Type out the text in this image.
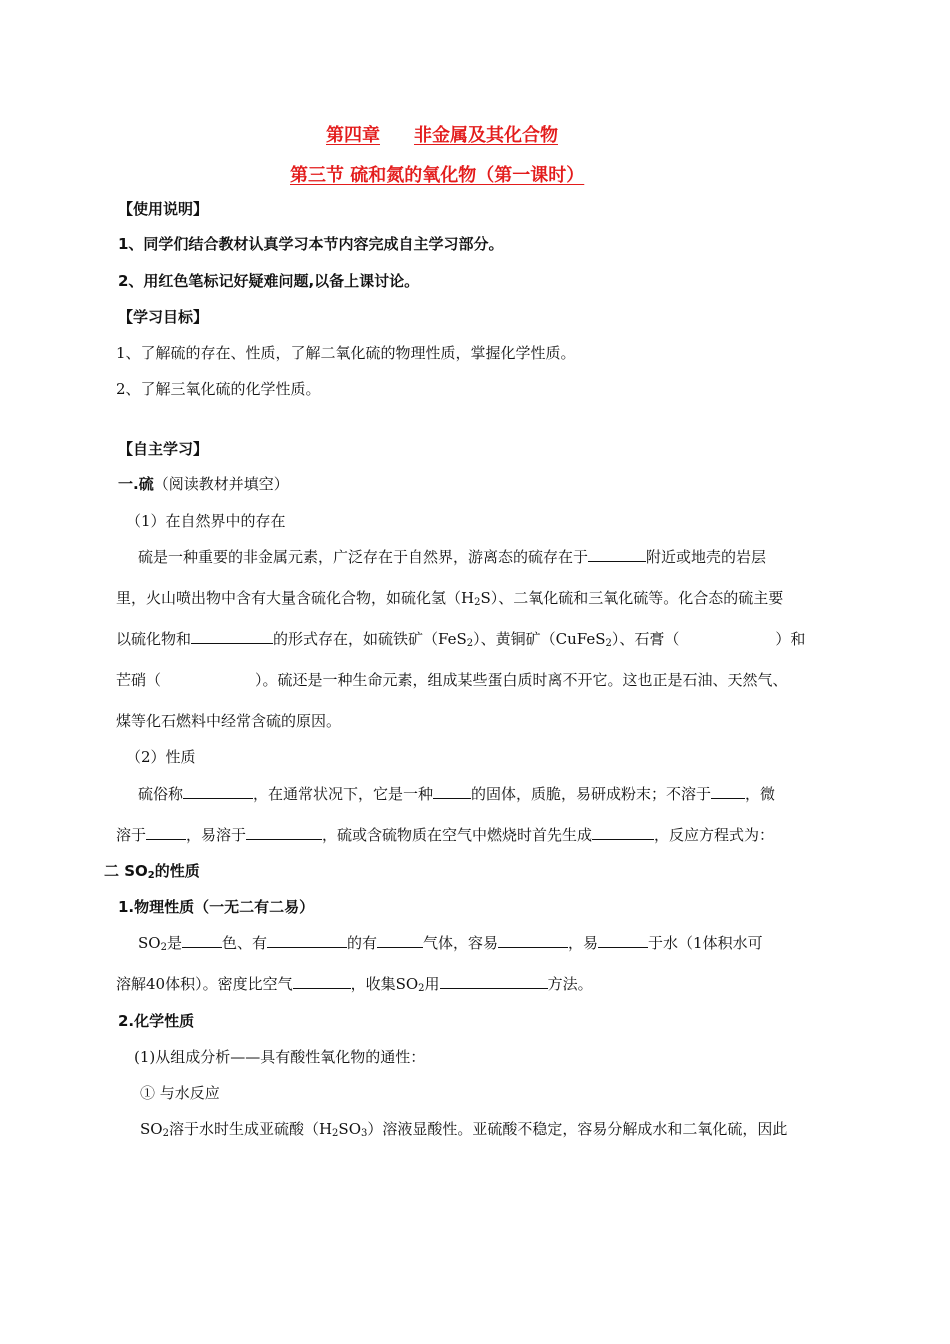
第四章 非金属及其化合物
第三节 硫和氮的氧化物（第一课时）
【使用说明】
1、同学们结合教材认真学习本节内容完成自主学习部分。
2、用红色笔标记好疑难问题,以备上课讨论。
【学习目标】
1、了解硫的存在、性质，了解二氧化硫的物理性质，掌握化学性质。
2、了解三氧化硫的化学性质。
【自主学习】
一.硫（阅读教材并填空）
（1）在自然界中的存在
硫是一种重要的非金属元素，广泛存在于自然界，游离态的硫存在于	附近或地壳的岩层
里，火山喷出物中含有大量含硫化合物，如硫化氢$(H_2S)$、二氧化硫和三氧化硫等。化合态的硫主要
以硫化物和	的形式存在，如硫铁矿（FeS$_2$）、黄铜矿（CuFeS$_2$）、石膏（	）和
芒硝（	）。硫还是一种生命元素，组成某些蛋白质时离不开它。这也正是石油、天然气、
煤等化石燃料中经常含硫的原因。
（2）性质
硫俗称	，在通常状况下，它是一种	的固体，质脆，易研成粉末；不溶于 ，微
溶于	，易溶于	，硫或含硫物质在空气中燃烧时首先生成	，反应方程式为：
二 $SO_2$的性质
1.物理性质（一无二有二易）
$SO_2$是	色、有	的有	气体，容易	，易	于水（1体积水可
溶解40体积）。密度比空气	，收集$SO_2$用	方法。
2.化学性质
(1)从组成分析——具有酸性氧化物的通性：
① 与水反应
$SO_2$溶于水时生成亚硫酸$(H_2SO_3)$溶液显酸性。亚硫酸不稳定，容易分解成水和二氧化硫，因此
